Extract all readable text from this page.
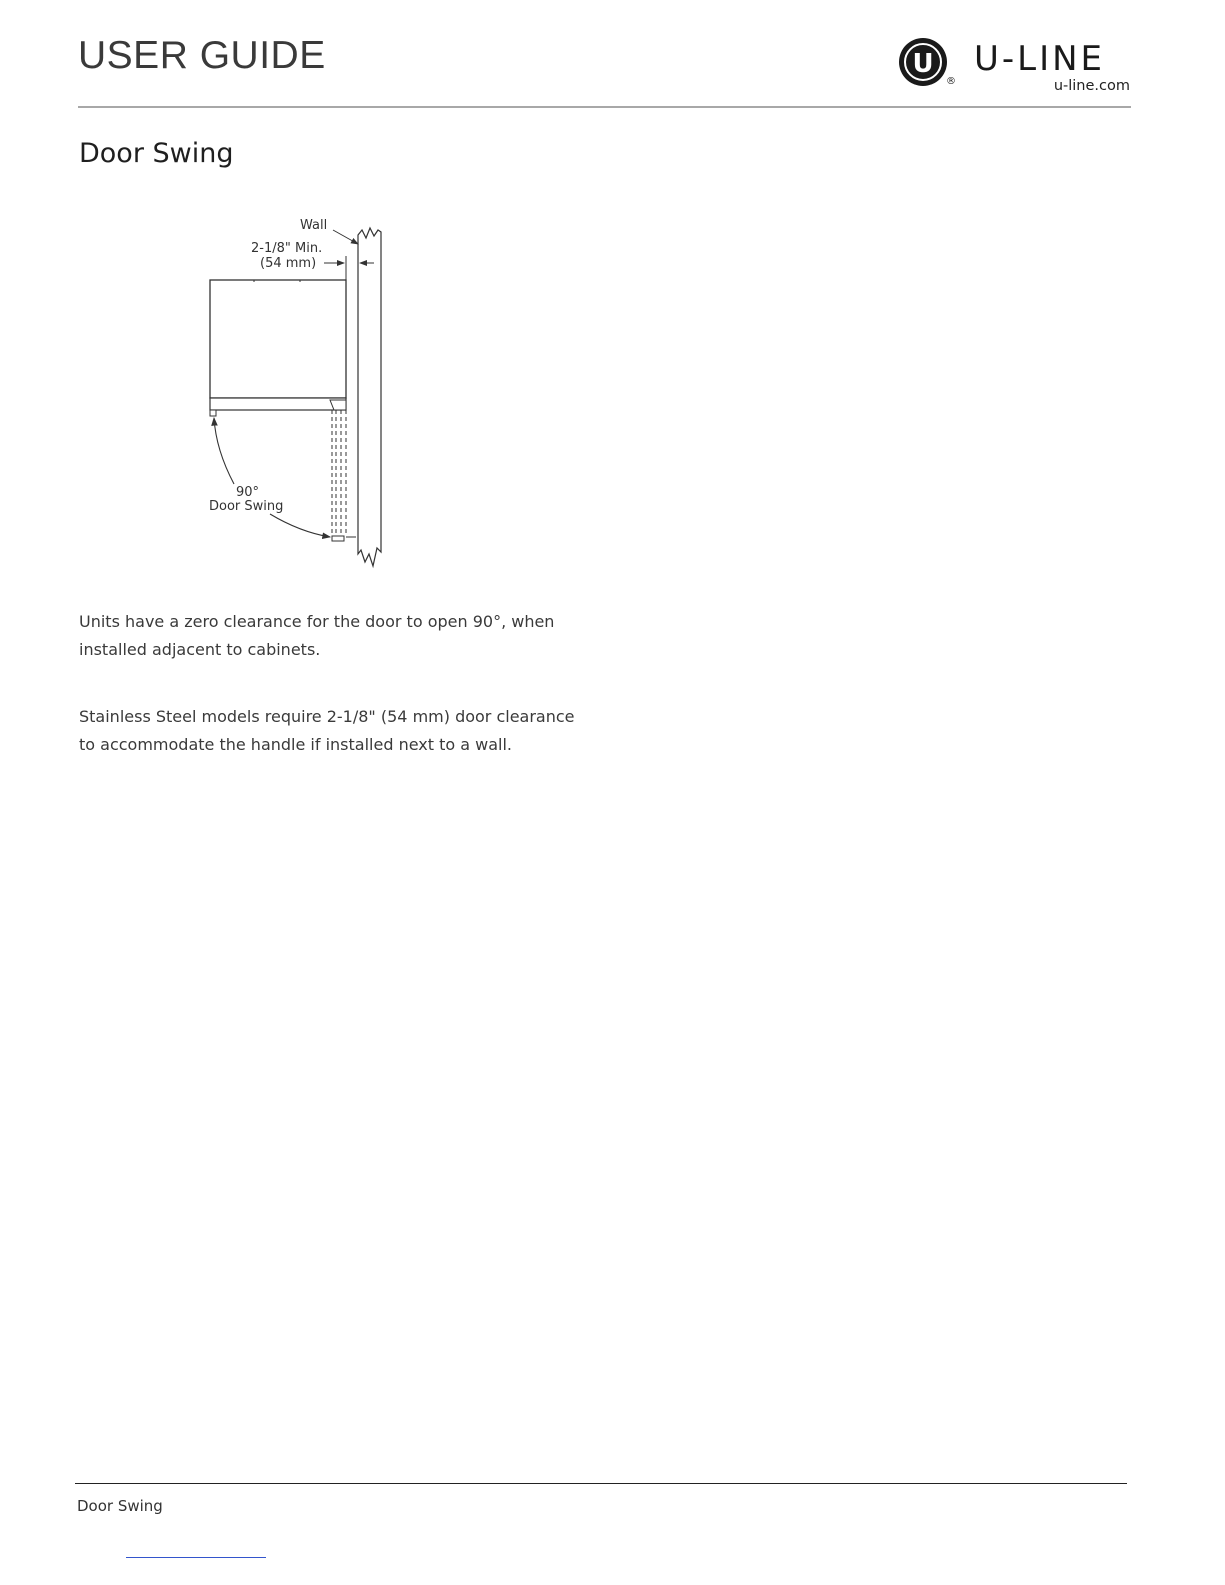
USER GUIDE	U
®
U-LINE
u-line.com
Door Swing
Wall
2-1/8" Min.
(54 mm)
90°
Door Swing

Units have a zero clearance for the door to open 90°, when installed adjacent to cabinets.

Stainless Steel models require 2-1/8" (54 mm) door clearance to accommodate the handle if installed next to a wall.

Door Swing
